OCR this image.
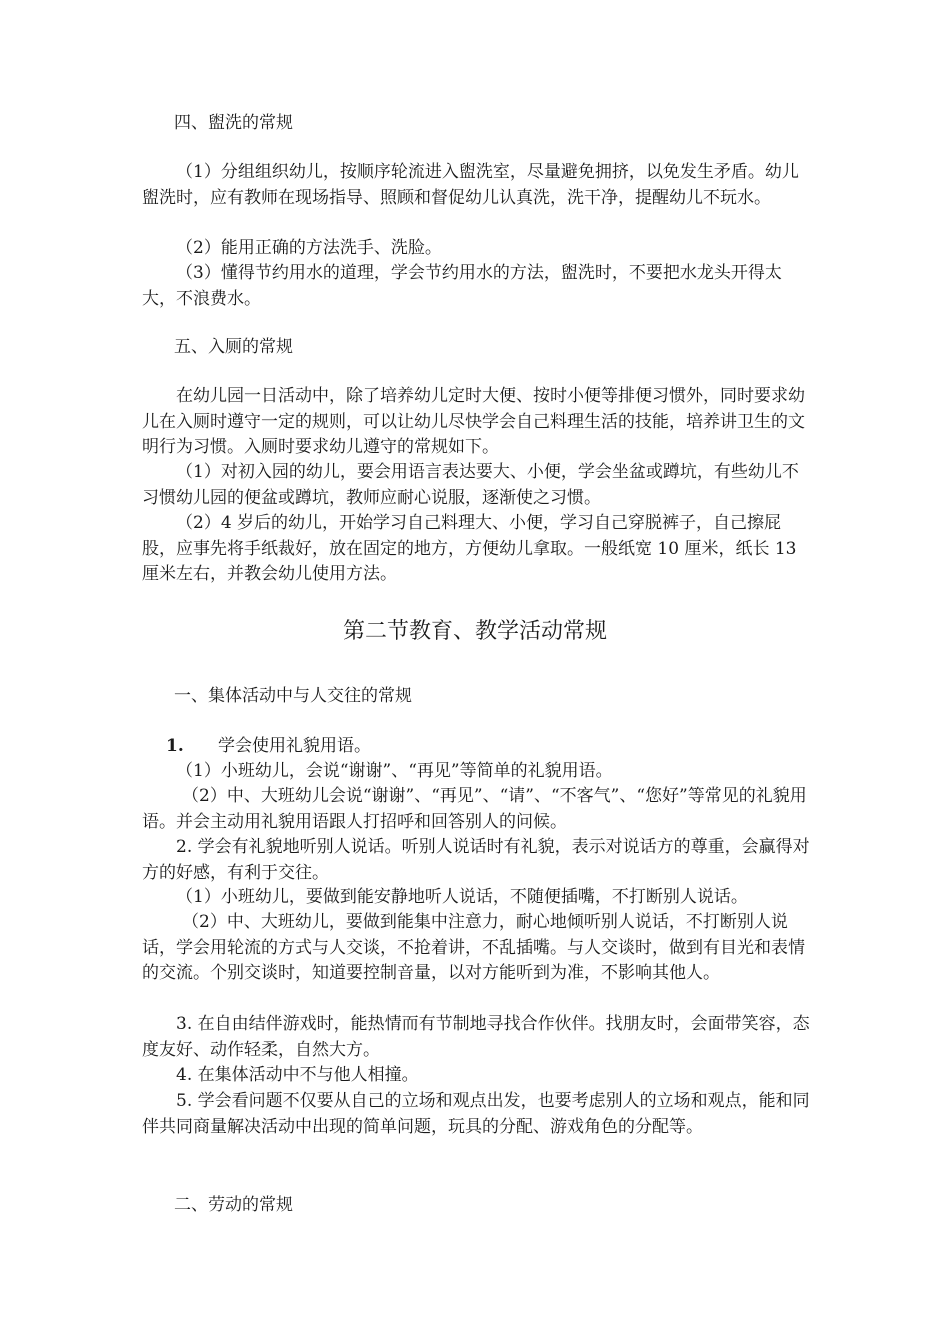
四、盥洗的常规

（1）分组组织幼儿，按顺序轮流进入盥洗室，尽量避免拥挤，以免发生矛盾。幼儿盥洗时，应有教师在现场指导、照顾和督促幼儿认真洗，洗干净，提醒幼儿不玩水。

（2）能用正确的方法洗手、洗脸。

（3）懂得节约用水的道理，学会节约用水的方法，盥洗时，不要把水龙头开得太大，不浪费水。

五、入厕的常规

在幼儿园一日活动中，除了培养幼儿定时大便、按时小便等排便习惯外，同时要求幼儿在入厕时遵守一定的规则，可以让幼儿尽快学会自己料理生活的技能，培养讲卫生的文明行为习惯。入厕时要求幼儿遵守的常规如下。

（1）对初入园的幼儿，要会用语言表达要大、小便，学会坐盆或蹲坑，有些幼儿不习惯幼儿园的便盆或蹲坑，教师应耐心说服，逐渐使之习惯。

（2）4 岁后的幼儿，开始学习自己料理大、小便，学习自己穿脱裤子，自己擦屁股，应事先将手纸裁好，放在固定的地方，方便幼儿拿取。一般纸宽 10 厘米，纸长 13 厘米左右，并教会幼儿使用方法。

第二节教育、教学活动常规

一、集体活动中与人交往的常规

1. 学会使用礼貌用语。

（1）小班幼儿，会说“谢谢”、“再见”等简单的礼貌用语。

（2）中、大班幼儿会说“谢谢”、“再见”、“请”、“不客气”、“您好”等常见的礼貌用语。并会主动用礼貌用语跟人打招呼和回答别人的问候。

2. 学会有礼貌地听别人说话。听别人说话时有礼貌，表示对说话方的尊重，会赢得对方的好感，有利于交往。

（1）小班幼儿，要做到能安静地听人说话，不随便插嘴，不打断别人说话。

（2）中、大班幼儿，要做到能集中注意力，耐心地倾听别人说话，不打断别人说话，学会用轮流的方式与人交谈，不抢着讲，不乱插嘴。与人交谈时，做到有目光和表情的交流。个别交谈时，知道要控制音量，以对方能听到为准，不影响其他人。

3. 在自由结伴游戏时，能热情而有节制地寻找合作伙伴。找朋友时，会面带笑容，态度友好、动作轻柔，自然大方。

4. 在集体活动中不与他人相撞。

5. 学会看问题不仅要从自己的立场和观点出发，也要考虑别人的立场和观点，能和同伴共同商量解决活动中出现的简单问题，玩具的分配、游戏角色的分配等。

二、劳动的常规
